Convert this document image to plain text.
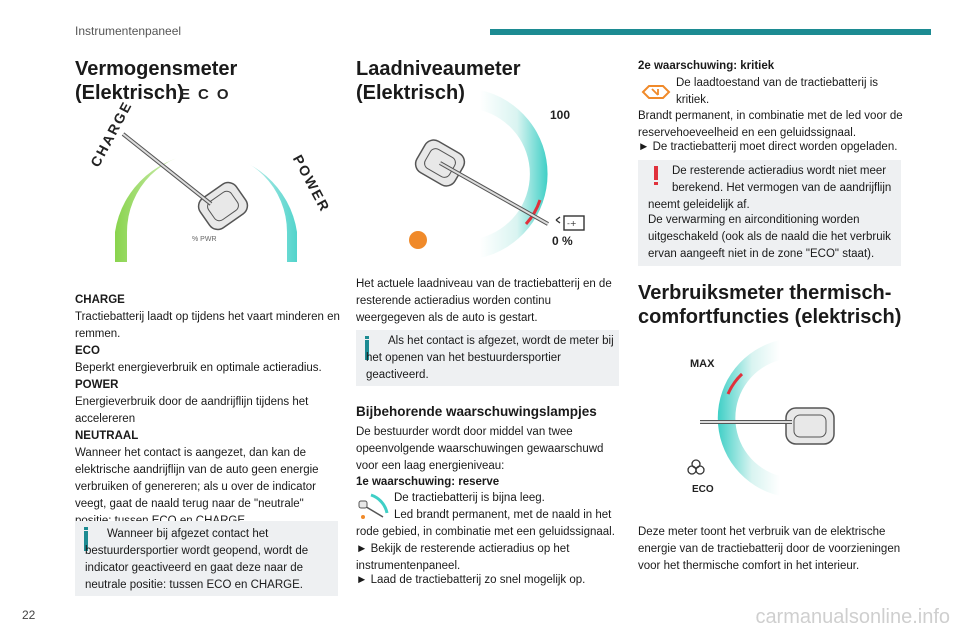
Instrumentenpaneel
Vermogensmeter (Elektrisch)
ECO
CHARGE
POWER
% PWR
CHARGE
Tractiebatterij laadt op tijdens het vaart minderen en remmen.
ECO
Beperkt energieverbruik en optimale actieradius.
POWER
Energieverbruik door de aandrijflijn tijdens het accelereren
NEUTRAAL
Wanneer het contact is aangezet, dan kan de elektrische aandrijflijn van de auto geen energie verbruiken of genereren; als u over de indicator veegt, gaat de naald terug naar de "neutrale"
Wanneer bij afgezet contact het bestuurdersportier wordt geopend, wordt de indicator geactiveerd en gaat deze naar de neutrale positie: tussen ECO en CHARGE.
Laadniveaumeter (Elektrisch)
-+
100
0 %
Het actuele laadniveau van de tractiebatterij en de resterende actieradius worden continu weergegeven als de auto is gestart.
Als het contact is afgezet, wordt de meter bij het openen van het bestuurdersportier geactiveerd.
Bijbehorende waarschuwingslampjes
De bestuurder wordt door middel van twee opeenvolgende waarschuwingen gewaarschuwd voor een laag energieniveau:
1e waarschuwing: reserve
De tractiebatterij is bijna leeg.
Led brandt permanent, met de naald in het
rode gebied, in combinatie met een geluidssignaal.
► Bekijk de resterende actieradius op het instrumentenpaneel.
► Laad de tractiebatterij zo snel mogelijk op.
2e waarschuwing: kritiek
De laadtoestand van de tractiebatterij is
kritiek.
Brandt permanent, in combinatie met de led voor de reservehoeveelheid en een geluidssignaal.
► De tractiebatterij moet direct worden opgeladen.
De resterende actieradius wordt niet meer
berekend. Het vermogen van de aandrijflijn
neemt geleidelijk af.
De verwarming en airconditioning worden uitgeschakeld (ook als de naald die het verbruik ervan aangeeft niet in de zone "ECO" staat).
Verbruiksmeter thermisch-comfortfuncties (elektrisch)
MAX
ECO
Deze meter toont het verbruik van de elektrische energie van de tractiebatterij door de voorzieningen voor het thermische comfort in het interieur.
22	carmanualsonline.info
